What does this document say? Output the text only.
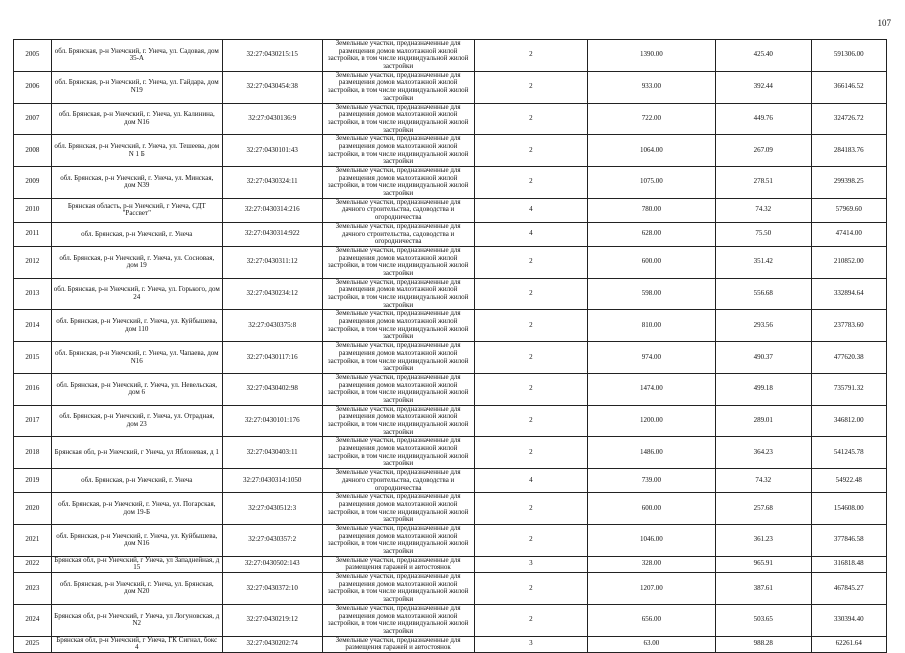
107
2005	обл. Брянская, р-н Унечский, г. Унеча, ул. Садовая, дом 35-А	32:27:0430215:15	Земельные участки, предназначенные для размещения домов малоэтажной жилой застройки, в том числе индивидуальной жилой застройки	2	1390.00	425.40	591306.00
2006	обл. Брянская, р-н Унечский, г. Унеча, ул. Гайдара, дом N19	32:27:0430454:38	Земельные участки, предназначенные для размещения домов малоэтажной жилой застройки, в том числе индивидуальной жилой застройки	2	933.00	392.44	366146.52
2007	обл. Брянская, р-н Унечский, г. Унеча, ул. Калинина, дом N16	32:27:0430136:9	Земельные участки, предназначенные для размещения домов малоэтажной жилой застройки, в том числе индивидуальной жилой застройки	2	722.00	449.76	324726.72
2008	обл. Брянская, р-н Унечский, г. Унеча, ул. Тешеева, дом N 1 Б	32:27:0430101:43	Земельные участки, предназначенные для размещения домов малоэтажной жилой застройки, в том числе индивидуальной жилой застройки	2	1064.00	267.09	284183.76
2009	обл. Брянская, р-н Унечский, г. Унеча, ул. Минская, дом N39	32:27:0430324:11	Земельные участки, предназначенные для размещения домов малоэтажной жилой застройки, в том числе индивидуальной жилой застройки	2	1075.00	278.51	299398.25
2010	Брянская область, р-н Унечский, г Унеча, СДТ "Рассвет"	32:27:0430314:216	Земельные участки, предназначенные для дачного строительства, садоводства и огородничества	4	780.00	74.32	57969.60
2011	обл. Брянская, р-н Унечский, г. Унеча	32:27:0430314:922	Земельные участки, предназначенные для дачного строительства, садоводства и огородничества	4	628.00	75.50	47414.00
2012	обл. Брянская, р-н Унечский, г. Унеча, ул. Сосновая, дом 19	32:27:0430311:12	Земельные участки, предназначенные для размещения домов малоэтажной жилой застройки, в том числе индивидуальной жилой застройки	2	600.00	351.42	210852.00
2013	обл. Брянская, р-н Унечский, г. Унеча, ул. Горького, дом 24	32:27:0430234:12	Земельные участки, предназначенные для размещения домов малоэтажной жилой застройки, в том числе индивидуальной жилой застройки	2	598.00	556.68	332894.64
2014	обл. Брянская, р-н Унечский, г. Унеча, ул. Куйбышева, дом 110	32:27:0430375:8	Земельные участки, предназначенные для размещения домов малоэтажной жилой застройки, в том числе индивидуальной жилой застройки	2	810.00	293.56	237783.60
2015	обл. Брянская, р-н Унечский, г. Унеча, ул. Чапаева, дом N16	32:27:0430117:16	Земельные участки, предназначенные для размещения домов малоэтажной жилой застройки, в том числе индивидуальной жилой застройки	2	974.00	490.37	477620.38
2016	обл. Брянская, р-н Унечский, г. Унеча, ул. Невельская, дом 6	32:27:0430402:98	Земельные участки, предназначенные для размещения домов малоэтажной жилой застройки, в том числе индивидуальной жилой застройки	2	1474.00	499.18	735791.32
2017	обл. Брянская, р-н Унечский, г. Унеча, ул. Отрадная, дом 23	32:27:0430101:176	Земельные участки, предназначенные для размещения домов малоэтажной жилой застройки, в том числе индивидуальной жилой застройки	2	1200.00	289.01	346812.00
2018	Брянская обл, р-н Унечский, г Унеча, ул Яблоневая, д 1	32:27:0430403:11	Земельные участки, предназначенные для размещения домов малоэтажной жилой застройки, в том числе индивидуальной жилой застройки	2	1486.00	364.23	541245.78
2019	обл. Брянская, р-н Унечский, г. Унеча	32:27:0430314:1050	Земельные участки, предназначенные для дачного строительства, садоводства и огородничества	4	739.00	74.32	54922.48
2020	обл. Брянская, р-н Унечский, г. Унеча, ул. Погарская, дом 19-Б	32:27:0430512:3	Земельные участки, предназначенные для размещения домов малоэтажной жилой застройки, в том числе индивидуальной жилой застройки	2	600.00	257.68	154608.00
2021	обл. Брянская, р-н Унечский, г. Унеча, ул. Куйбышева, дом N16	32:27:0430357:2	Земельные участки, предназначенные для размещения домов малоэтажной жилой застройки, в том числе индивидуальной жилой застройки	2	1046.00	361.23	377846.58
2022	Брянская обл, р-н Унечский, г Унеча, ул Западнейная, д 15	32:27:0430502:143	Земельные участки, предназначенные для размещения гаражей и автостоянок	3	328.00	965.91	316818.48
2023	обл. Брянская, р-н Унечский, г. Унеча, ул. Брянская, дом N20	32:27:0430372:10	Земельные участки, предназначенные для размещения домов малоэтажной жилой застройки, в том числе индивидуальной жилой застройки	2	1207.00	387.61	467845.27
2024	Брянская обл, р-н Унечский, г Унеча, ул Логуновская, д N2	32:27:0430219:12	Земельные участки, предназначенные для размещения домов малоэтажной жилой застройки, в том числе индивидуальной жилой застройки	2	656.00	503.65	330394.40
2025	Брянская обл, р-н Унечский, г Унеча, ГК Сигнал, бокс 4	32:27:0430202:74	Земельные участки, предназначенные для размещения гаражей и автостоянок	3	63.00	988.28	62261.64
